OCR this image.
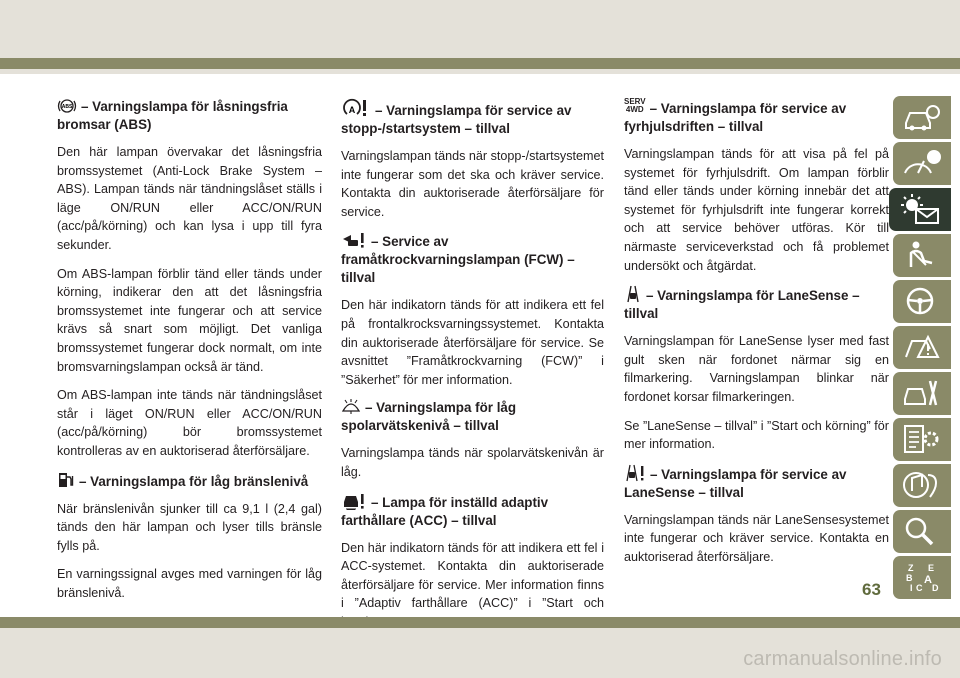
ABS – Varningslampa för låsningsfria bromsar (ABS)

Den här lampan övervakar det låsningsfria bromssystemet (Anti-Lock Brake System – ABS). Lampan tänds när tändningslåset ställs i läge ON/RUN eller ACC/ON/RUN (acc/på/körning) och kan lysa i upp till fyra sekunder.

Om ABS-lampan förblir tänd eller tänds under körning, indikerar den att det låsningsfria bromssystemet inte fungerar och att service krävs så snart som möjligt. Det vanliga bromssystemet fungerar dock normalt, om inte bromsvarningslampan också är tänd.

Om ABS-lampan inte tänds när tändningslåset står i läget ON/RUN eller ACC/ON/RUN (acc/på/körning) bör bromssystemet kontrolleras av en auktoriserad återförsäljare.

– Varningslampa för låg bränslenivå

När bränslenivån sjunker till ca 9,1 l (2,4 gal) tänds den här lampan och lyser tills bränsle fylls på.

En varningssignal avges med varningen för låg bränslenivå.

A – Varningslampa för service av stopp-/startsystem – tillval

Varningslampan tänds när stopp-/startsystemet inte fungerar som det ska och kräver service. Kontakta din auktoriserade återförsäljare för service.

– Service av framåtkrockvarningslampan (FCW) – tillval

Den här indikatorn tänds för att indikera ett fel på frontalkrocksvarningssystemet. Kontakta din auktoriserade återförsäljare för service. Se avsnittet ”Framåtkrockvarning (FCW)” i ”Säkerhet” för mer information.

– Varningslampa för låg spolarvätskenivå – tillval

Varningslampa tänds när spolarvätskenivån är låg.

– Lampa för inställd adaptiv farthållare (ACC) – tillval

Den här indikatorn tänds för att indikera ett fel i ACC-systemet. Kontakta din auktoriserade återförsäljare för service. Mer information finns i ”Adaptiv farthållare (ACC)” i ”Start och

SERV
4WD – Varningslampa för service av fyrhjulsdriften – tillval

Varningslampan tänds för att visa på fel på systemet för fyrhjulsdrift. Om lampan förblir tänd eller tänds under körning innebär det att systemet för fyrhjulsdrift inte fungerar korrekt och att service behöver utföras. Kör till närmaste serviceverkstad och få problemet undersökt och åtgärdat.

– Varningslampa för LaneSense – tillval

Varningslampan för LaneSense lyser med fast gult sken när fordonet närmar sig en filmarkering. Varningslampan blinkar när fordonet korsar filmarkeringen.

Se ”LaneSense – tillval” i ”Start och körning” för mer information.

– Varningslampa för service av LaneSense – tillval

Varningslampan tänds när LaneSensesystemet inte fungerar och kräver service. Kontakta en auktoriserad återförsäljare.

Z E
B A
I C D
63
carmanualsonline.info
